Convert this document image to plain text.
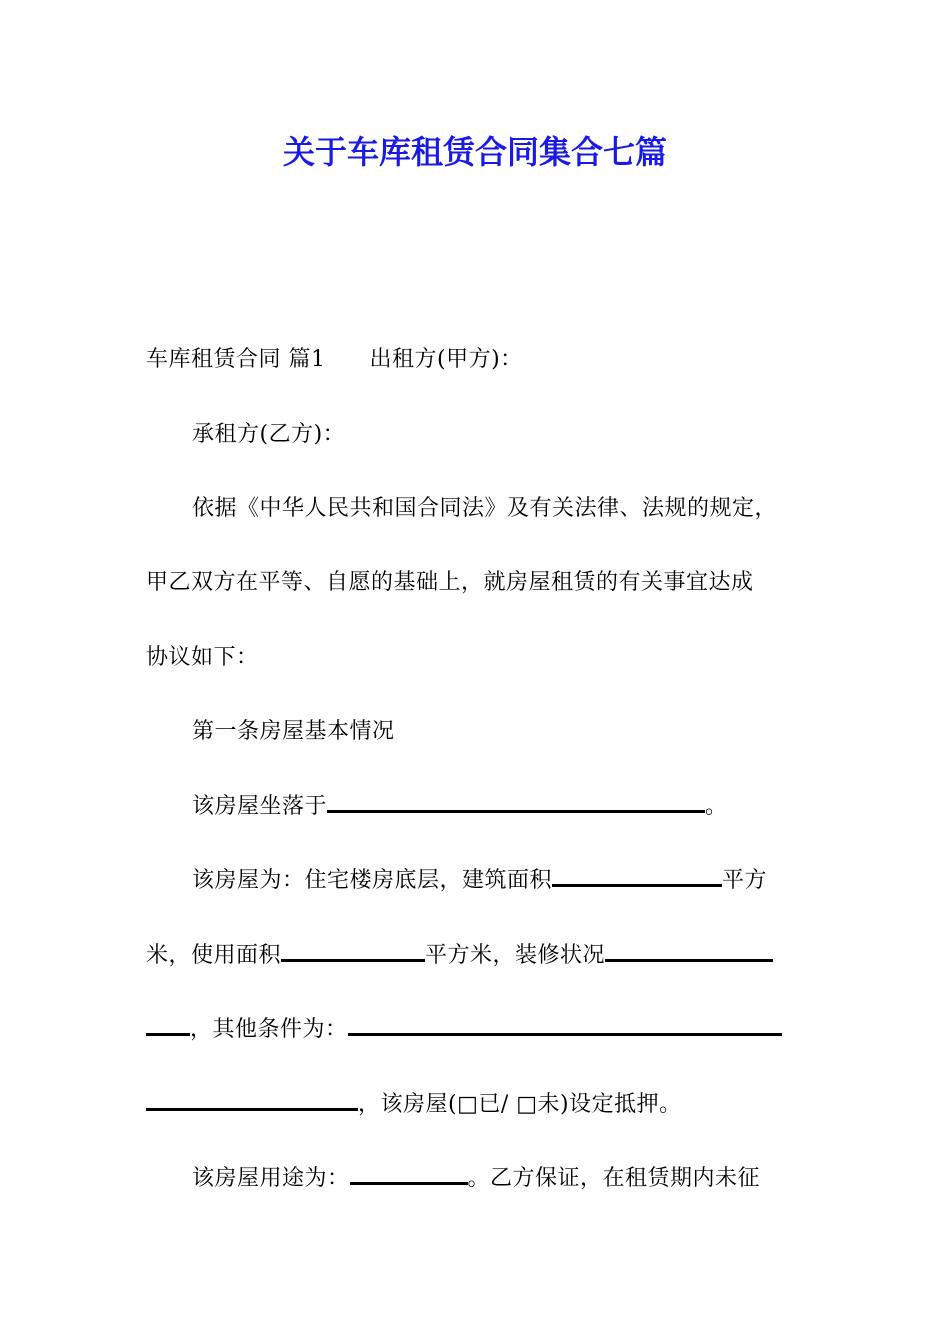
关于车库租赁合同集合七篇
车库租赁合同 篇1 出租方(甲方)：
承租方(乙方)：
依据《中华人民共和国合同法》及有关法律、法规的规定，
甲乙双方在平等、自愿的基础上，就房屋租赁的有关事宜达成
协议如下：
第一条房屋基本情况
该房屋坐落于	。
该房屋为：住宅楼房底层，建筑面积	平方
米，使用面积	平方米，装修状况
，其他条件为：
，该房屋(□已/ □未)设定抵押。
该房屋用途为：	。乙方保证，在租赁期内未征
